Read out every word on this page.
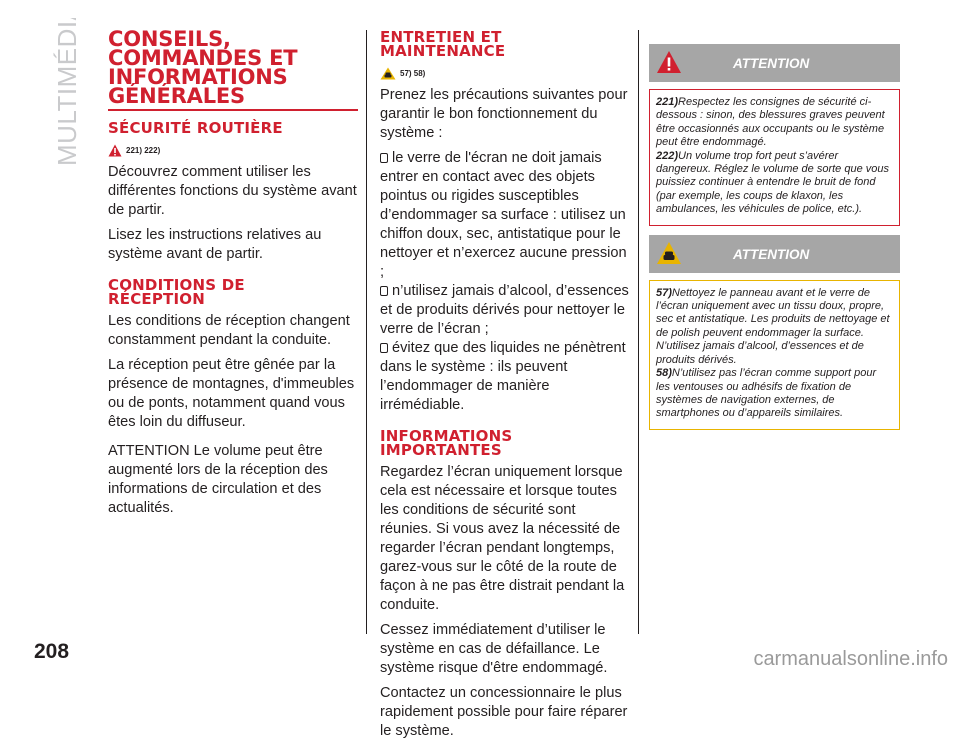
MULTIMÉDIA
208
CONSEILS,
COMMANDES ET
INFORMATIONS
GÉNÉRALES
SÉCURITÉ ROUTIÈRE
221) 222)

Découvrez comment utiliser les différentes fonctions du système avant de partir.

Lisez les instructions relatives au système avant de partir.

CONDITIONS DE
RÉCEPTION

Les conditions de réception changent constamment pendant la conduite.

La réception peut être gênée par la présence de montagnes, d'immeubles ou de ponts, notamment quand vous êtes loin du diffuseur.

ATTENTION Le volume peut être augmenté lors de la réception des informations de circulation et des actualités.

ENTRETIEN ET
MAINTENANCE
57) 58)

Prenez les précautions suivantes pour garantir le bon fonctionnement du système :

le verre de l'écran ne doit jamais entrer en contact avec des objets pointus ou rigides susceptibles d’endommager sa surface : utilisez un chiffon doux, sec, antistatique pour le nettoyer et n’exercez aucune pression ;
n’utilisez jamais d’alcool, d’essences et de produits dérivés pour nettoyer le verre de l’écran ;
évitez que des liquides ne pénètrent dans le système : ils peuvent l’endommager de manière irrémédiable.
INFORMATIONS
IMPORTANTES

Regardez l’écran uniquement lorsque cela est nécessaire et lorsque toutes les conditions de sécurité sont réunies. Si vous avez la nécessité de regarder l’écran pendant longtemps, garez-vous sur le côté de la route de façon à ne pas être distrait pendant la conduite.

Cessez immédiatement d’utiliser le système en cas de défaillance. Le système risque d'être endommagé.

Contactez un concessionnaire le plus rapidement possible pour faire réparer le système.

ATTENTION

221)Respectez les consignes de sécurité ci-dessous : sinon, des blessures graves peuvent être occasionnés aux occupants ou le système peut être endommagé.

222)Un volume trop fort peut s’avérer dangereux. Réglez le volume de sorte que vous puissiez continuer à entendre le bruit de fond (par exemple, les coups de klaxon, les ambulances, les véhicules de police, etc.).

ATTENTION

57)Nettoyez le panneau avant et le verre de l’écran uniquement avec un tissu doux, propre, sec et antistatique. Les produits de nettoyage et de polish peuvent endommager la surface. N’utilisez jamais d’alcool, d’essences et de produits dérivés.

58)N’utilisez pas l’écran comme support pour les ventouses ou adhésifs de fixation de systèmes de navigation externes, de smartphones ou d’appareils similaires.

carmanualsonline.info
